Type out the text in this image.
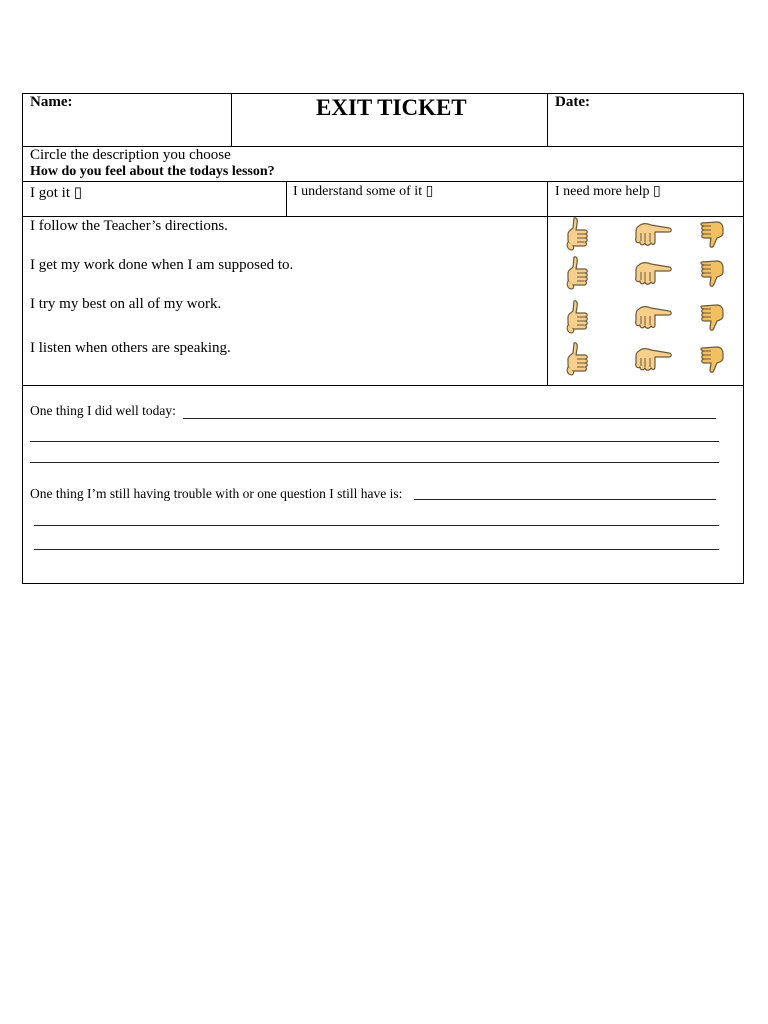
Name:	EXIT TICKET	Date:
Circle the description you choose
How do you feel about the todays lesson?
I got it ▯	I understand some of it ▯	I need more help ▯
I follow the Teacher’s directions.
I get my work done when I am supposed to.
I try my best on all of my work.
I listen when others are speaking.
One thing I did well today:
One thing I’m still having trouble with or one question I still have is:
